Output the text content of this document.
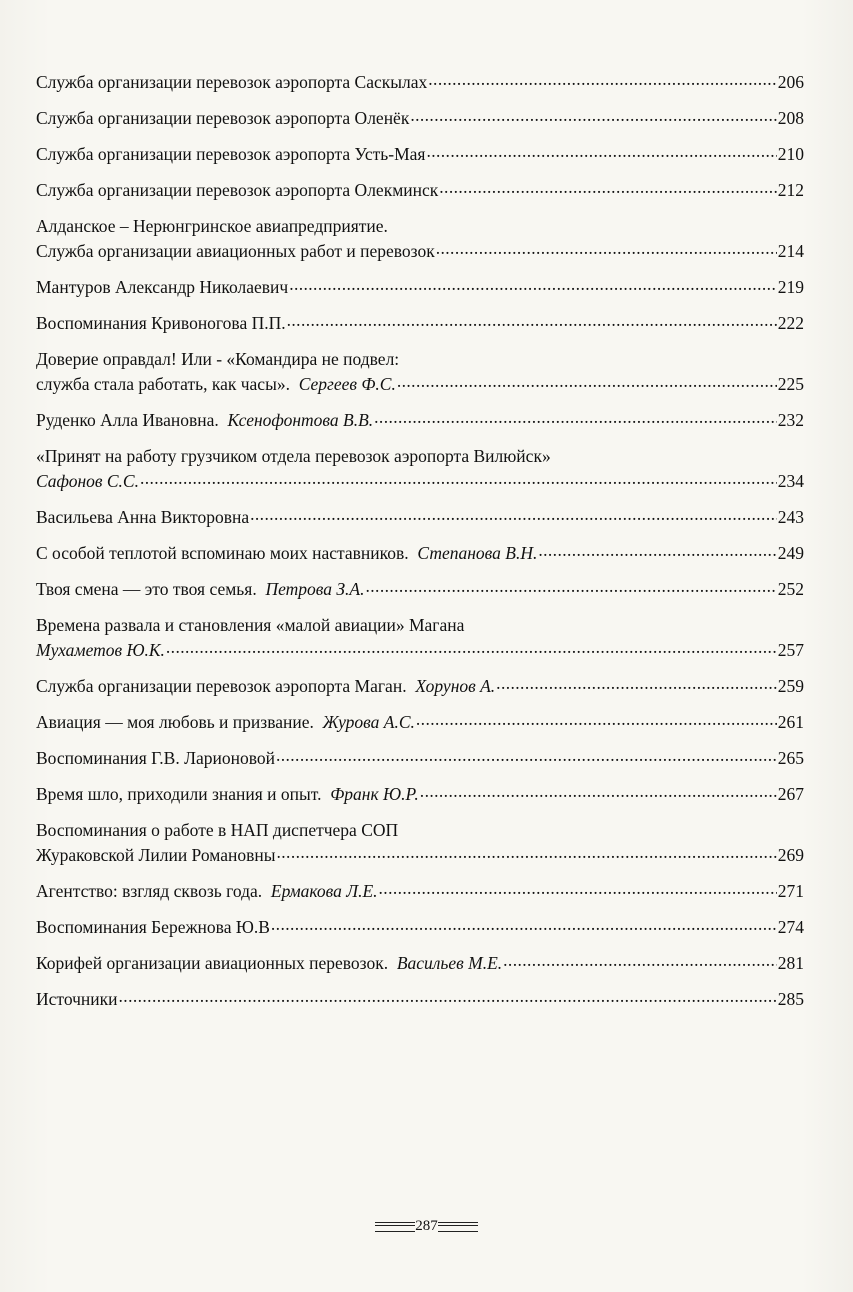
Служба организации перевозок аэропорта Саскылах .....	206
Служба организации перевозок аэропорта Оленёк .....	208
Служба организации перевозок аэропорта Усть-Мая .....	210
Служба организации перевозок аэропорта Олекминск .....	212
Алданское – Нерюнгринское авиапредприятие.
Служба организации авиационных работ и перевозок .....	214
Мантуров Александр Николаевич .....	219
Воспоминания Кривоногова П.П. .....	222
Доверие оправдал! Или - «Командира не подвел:
служба стала работать, как часы». Сергеев Ф.С. .....	225
Руденко Алла Ивановна. Ксенофонтова В.В. .....	232
«Принят на работу грузчиком отдела перевозок аэропорта Вилюйск»
Сафонов С.С. .....	234
Васильева Анна Викторовна .....	243
С особой теплотой вспоминаю моих наставников. Степанова В.Н. .....	249
Твоя смена — это твоя семья. Петрова З.А. .....	252
Времена развала и становления «малой авиации» Магана
Мухаметов Ю.К. .....	257
Служба организации перевозок аэропорта Маган. Хорунов А. .....	259
Авиация — моя любовь и призвание. Журова А.С. .....	261
Воспоминания Г.В. Ларионовой .....	265
Время шло, приходили знания и опыт. Франк Ю.Р. .....	267
Воспоминания о работе в НАП диспетчера СОП
Жураковской Лилии Романовны .....	269
Агентство: взгляд сквозь года. Ермакова Л.Е. .....	271
Воспоминания Бережнова Ю.В .....	274
Корифей организации авиационных перевозок. Васильев М.Е. .....	281
Источники .....	285
287
